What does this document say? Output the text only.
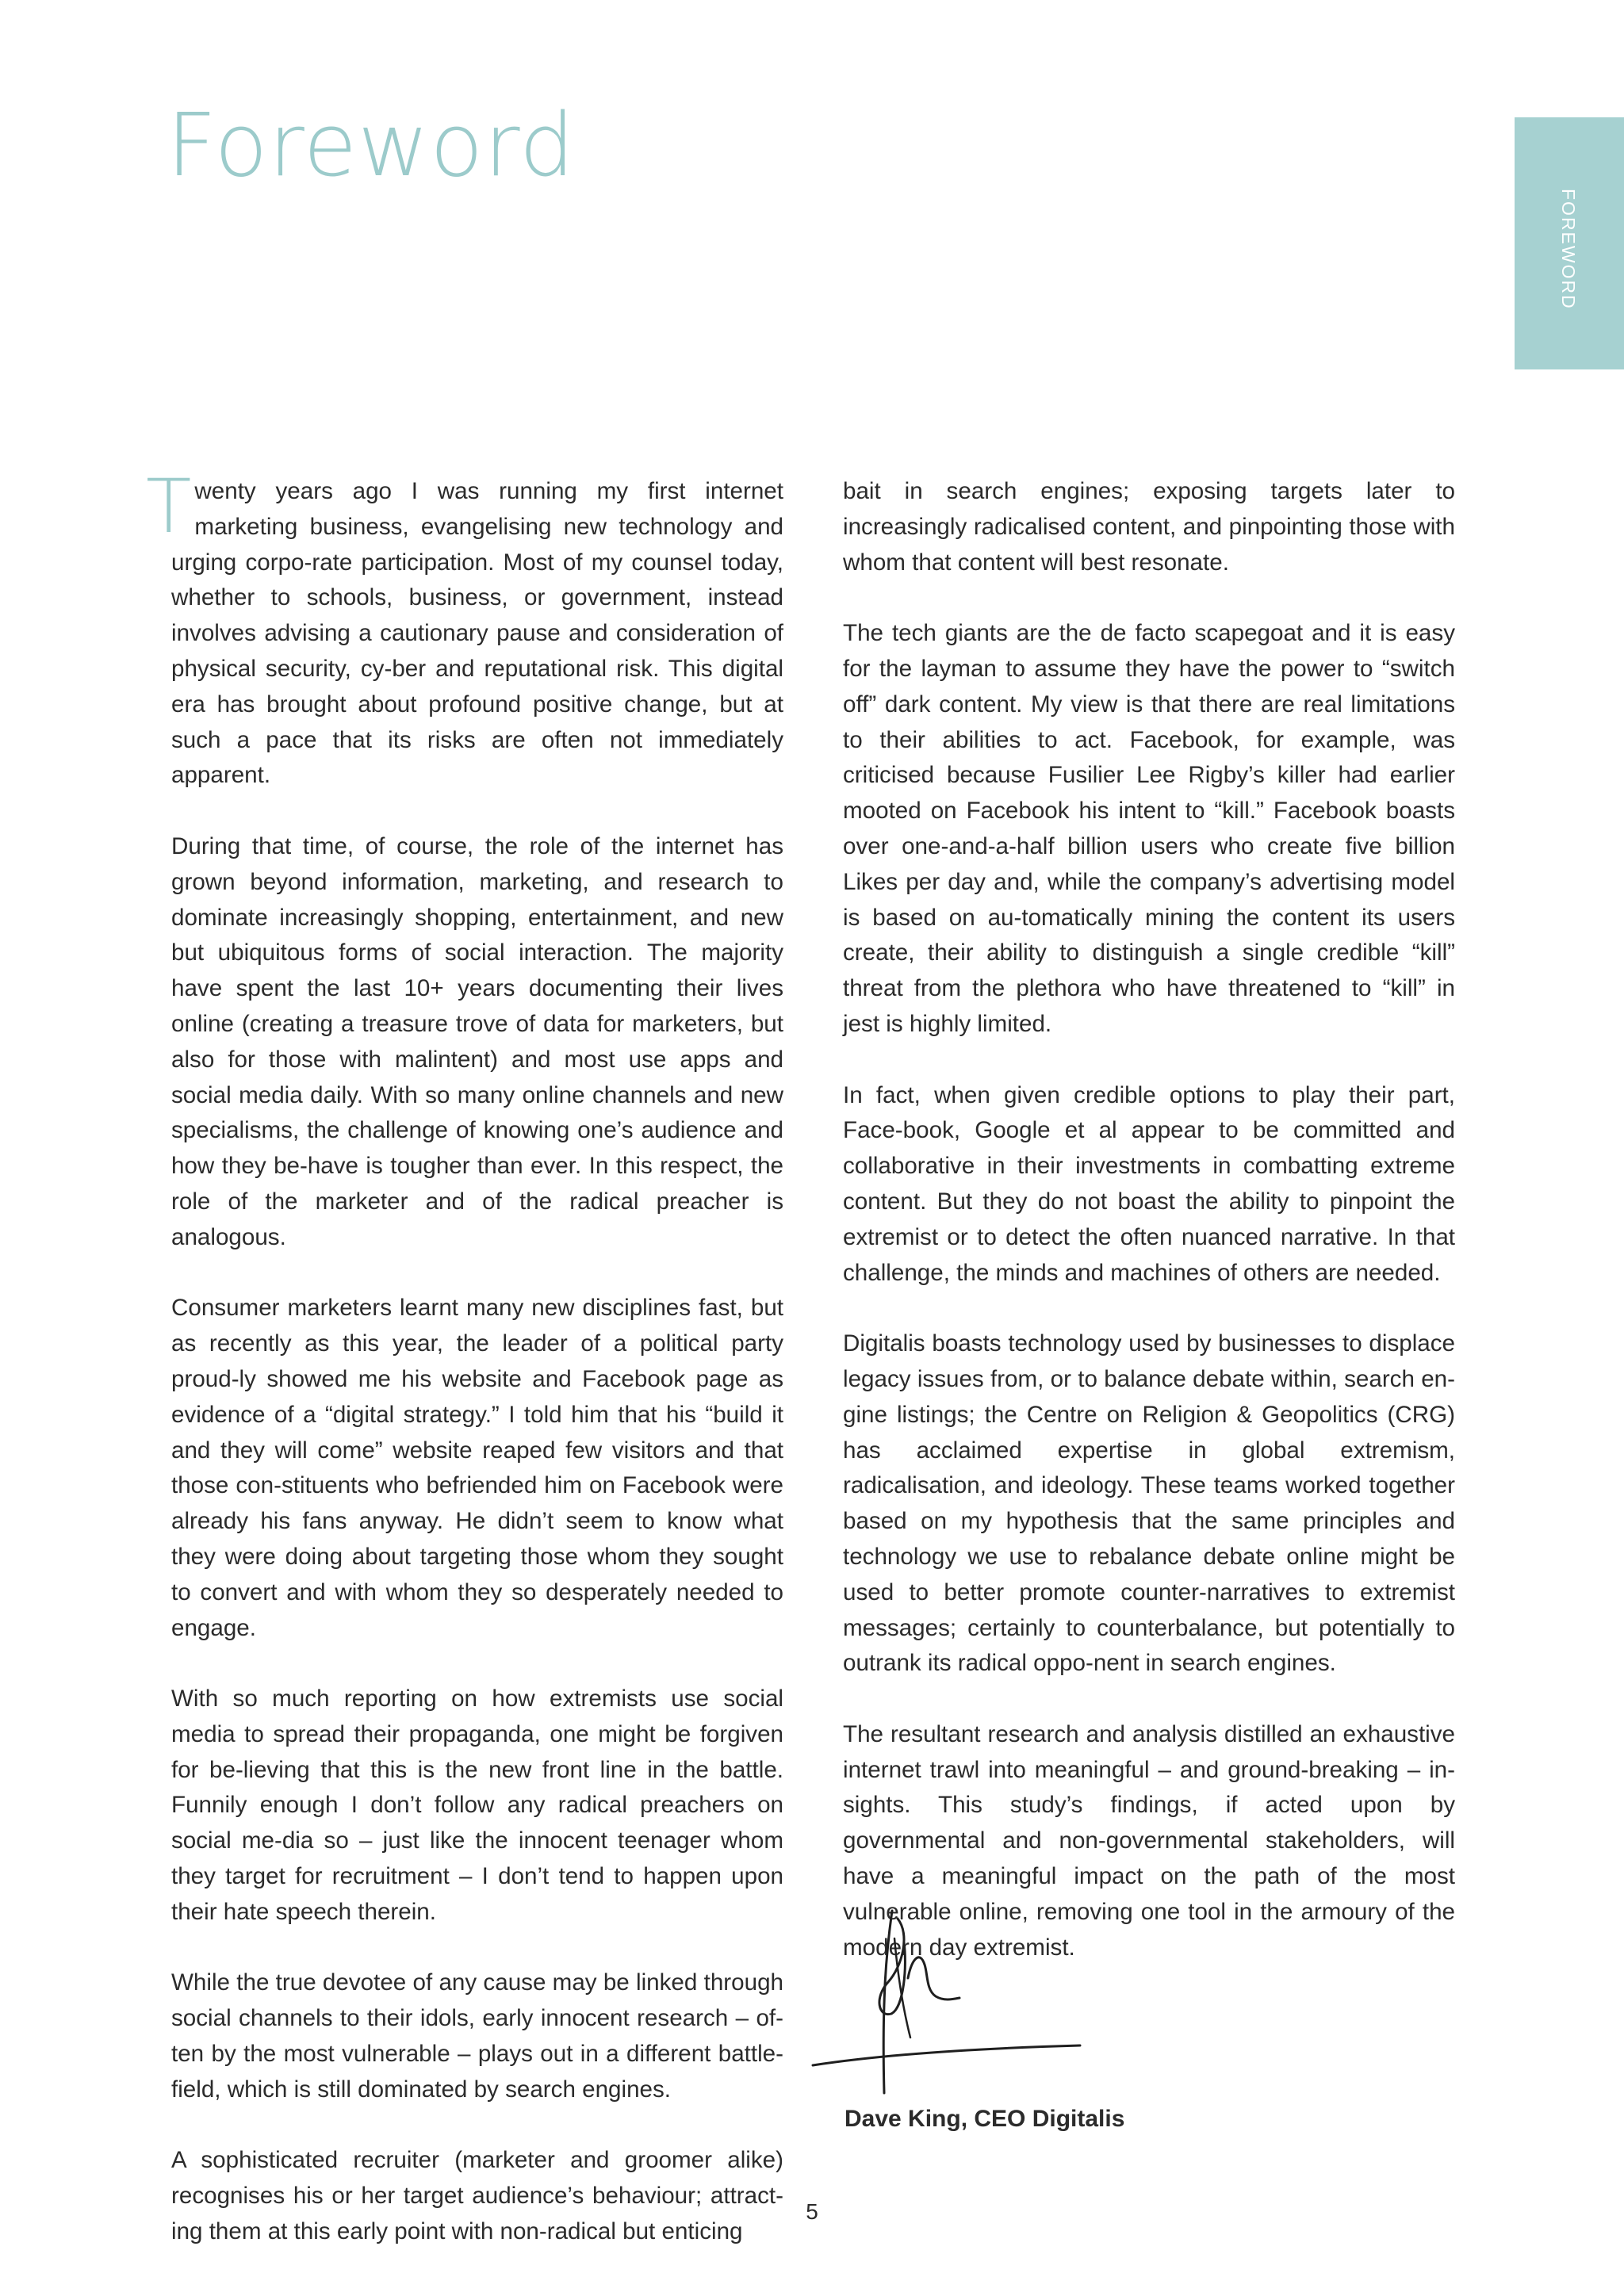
Foreword
FOREWORD

Twenty years ago I was running my first internet marketing business, evangelising new technology and urging corpo-rate participation. Most of my counsel today, whether to schools, business, or government, instead involves advising a cautionary pause and consideration of physical security, cy-ber and reputational risk. This digital era has brought about profound positive change, but at such a pace that its risks are often not immediately apparent.

During that time, of course, the role of the internet has grown beyond information, marketing, and research to dominate increasingly shopping, entertainment, and new but ubiquitous forms of social interaction. The majority have spent the last 10+ years documenting their lives online (creating a treasure trove of data for marketers, but also for those with malintent) and most use apps and social media daily. With so many online channels and new specialisms, the challenge of knowing one’s audience and how they be-have is tougher than ever. In this respect, the role of the marketer and of the radical preacher is analogous.

Consumer marketers learnt many new disciplines fast, but as recently as this year, the leader of a political party proud-ly showed me his website and Facebook page as evidence of a “digital strategy.” I told him that his “build it and they will come” website reaped few visitors and that those con-stituents who befriended him on Facebook were already his fans anyway. He didn’t seem to know what they were doing about targeting those whom they sought to convert and with whom they so desperately needed to engage.

With so much reporting on how extremists use social media to spread their propaganda, one might be forgiven for be-lieving that this is the new front line in the battle. Funnily enough I don’t follow any radical preachers on social me-dia so – just like the innocent teenager whom they target for recruitment – I don’t tend to happen upon their hate speech therein.

While the true devotee of any cause may be linked through social channels to their idols, early innocent research – of-ten by the most vulnerable – plays out in a different battle-field, which is still dominated by search engines.

A sophisticated recruiter (marketer and groomer alike) recognises his or her target audience’s behaviour; attract-ing them at this early point with non-radical but enticing

bait in search engines; exposing targets later to increasingly radicalised content, and pinpointing those with whom that content will best resonate.

The tech giants are the de facto scapegoat and it is easy for the layman to assume they have the power to “switch off” dark content. My view is that there are real limitations to their abilities to act. Facebook, for example, was criticised because Fusilier Lee Rigby’s killer had earlier mooted on Facebook his intent to “kill.” Facebook boasts over one-and-a-half billion users who create five billion Likes per day and, while the company’s advertising model is based on au-tomatically mining the content its users create, their ability to distinguish a single credible “kill” threat from the plethora who have threatened to “kill” in jest is highly limited.

In fact, when given credible options to play their part, Face-book, Google et al appear to be committed and collaborative in their investments in combatting extreme content. But they do not boast the ability to pinpoint the extremist or to detect the often nuanced narrative. In that challenge, the minds and machines of others are needed.

Digitalis boasts technology used by businesses to displace legacy issues from, or to balance debate within, search en-gine listings; the Centre on Religion & Geopolitics (CRG) has acclaimed expertise in global extremism, radicalisation, and ideology. These teams worked together based on my hypothesis that the same principles and technology we use to rebalance debate online might be used to better promote counter-narratives to extremist messages; certainly to counterbalance, but potentially to outrank its radical oppo-nent in search engines.

The resultant research and analysis distilled an exhaustive internet trawl into meaningful – and ground-breaking – in-sights. This study’s findings, if acted upon by governmental and non-governmental stakeholders, will have a meaningful impact on the path of the most vulnerable online, removing one tool in the armoury of the modern day extremist.

Dave King, CEO Digitalis
5
